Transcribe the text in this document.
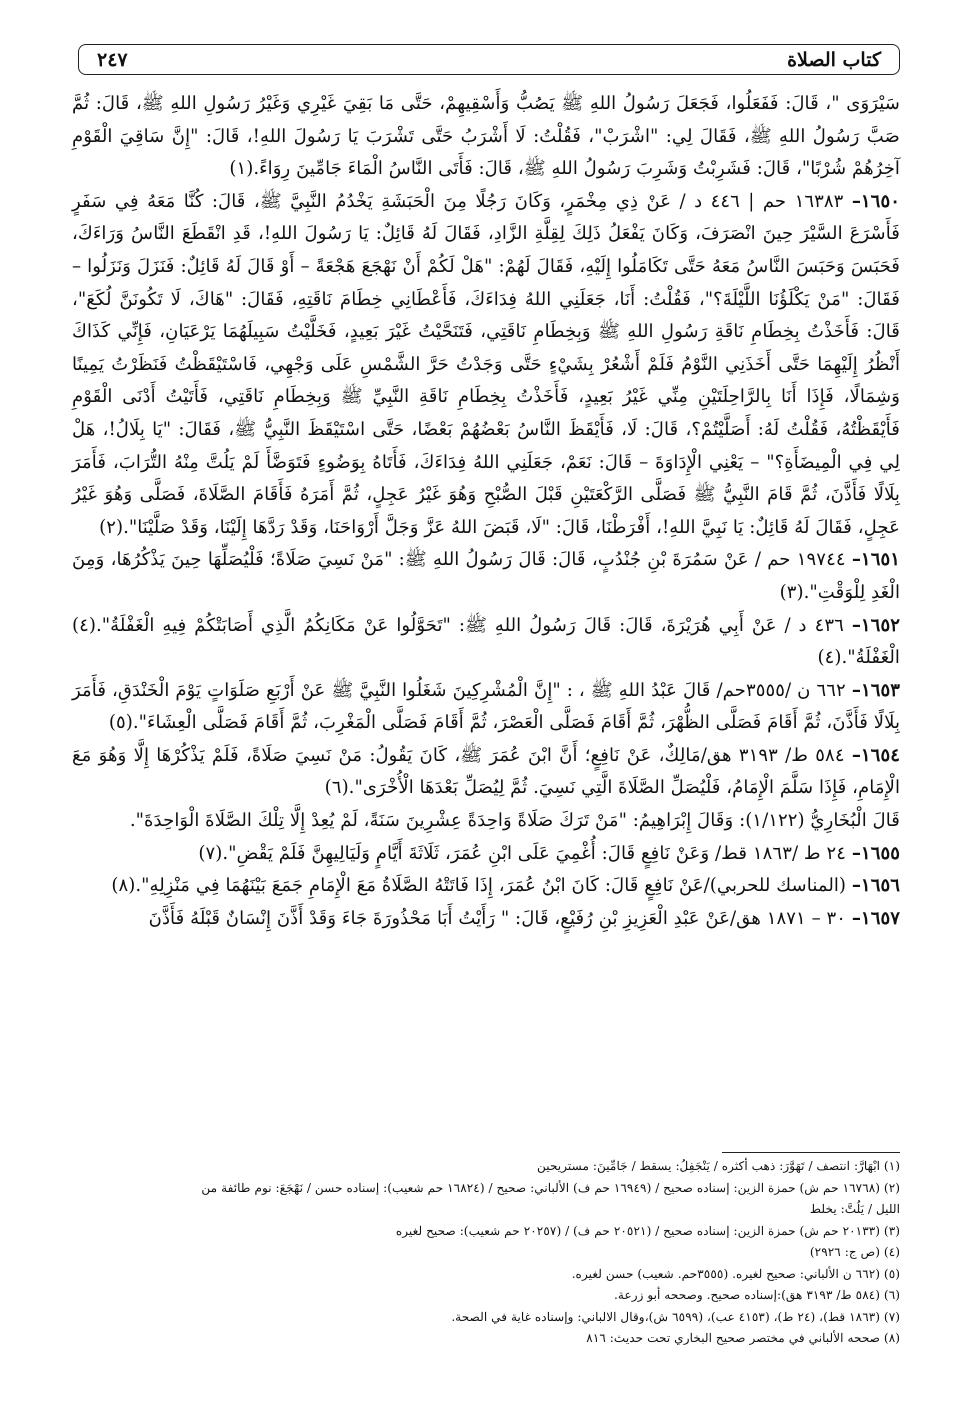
كتاب الصلاة
٢٤٧

سَيْرَوَى "، قَالَ: فَفَعَلُوا، فَجَعَلَ رَسُولُ اللهِ ﷺ يَصُبُّ وَأَسْقِيهِمْ، حَتَّى مَا بَقِيَ غَيْرِي وَغَيْرُ رَسُولِ اللهِ ﷺ، قَالَ: ثُمَّ صَبَّ رَسُولُ اللهِ ﷺ، فَقَالَ لِي: "اشْرَبْ"، فَقُلْتُ: لَا أَشْرَبُ حَتَّى تَشْرَبَ يَا رَسُولَ اللهِ!، قَالَ: "إِنَّ سَاقِيَ الْقَوْمِ آخِرُهُمْ شُرْبًا"، قَالَ: فَشَرِبْتُ وَشَرِبَ رَسُولُ اللهِ ﷺ، قَالَ: فَأَتَى النَّاسُ الْمَاءَ جَامِّينَ رِوَاءً.(١)

١٦٥٠– ١٦٣٨٣ حم | ٤٤٦ د / عَنْ ذِي مِخْمَرٍ، وَكَانَ رَجُلًا مِنَ الْحَبَشَةِ يَخْدُمُ النَّبِيَّ ﷺ، قَالَ: كُنَّا مَعَهُ فِي سَفَرٍ فَأَسْرَعَ السَّيْرَ حِينَ انْصَرَفَ، وَكَانَ يَفْعَلُ ذَلِكَ لِقِلَّةِ الزَّادِ، فَقَالَ لَهُ قَائِلٌ: يَا رَسُولَ اللهِ!، قَدِ انْقَطَعَ النَّاسُ وَرَاءَكَ، فَحَبَسَ وَحَبَسَ النَّاسُ مَعَهُ حَتَّى تَكَامَلُوا إِلَيْهِ، فَقَالَ لَهُمْ: "هَلْ لَكُمْ أَنْ نَهْجَعَ هَجْعَةً – أَوْ قَالَ لَهُ قَائِلٌ: فَنَزَلَ وَنَزَلُوا – فَقَالَ: "مَنْ يَكْلَؤُنَا اللَّيْلَةَ؟"، فَقُلْتُ: أَنَا، جَعَلَنِي اللهُ فِدَاءَكَ، فَأَعْطَانِي خِطَامَ نَاقَتِهِ، فَقَالَ: "هَاكَ، لَا تَكُونَنَّ لُكَعَ"، قَالَ: فَأَخَذْتُ بِخِطَامِ نَاقَةِ رَسُولِ اللهِ ﷺ وَبِخِطَامِ نَاقَتِي، فَتَنَحَّيْتُ غَيْرَ بَعِيدٍ، فَخَلَّيْتُ سَبِيلَهُمَا يَرْعَيَانِ، فَإِنِّي كَذَاكَ أَنْظُرُ إِلَيْهِمَا حَتَّى أَخَذَنِي النَّوْمُ فَلَمْ أَشْعُرْ بِشَيْءٍ حَتَّى وَجَدْتُ حَرَّ الشَّمْسِ عَلَى وَجْهِي، فَاسْتَيْقَظْتُ فَنَظَرْتُ يَمِينًا وَشِمَالًا، فَإِذَا أَنَا بِالرَّاحِلَتَيْنِ مِنِّي غَيْرُ بَعِيدٍ، فَأَخَذْتُ بِخِطَامِ نَاقَةِ النَّبِيِّ ﷺ وَبِخِطَامِ نَاقَتِي، فَأَتَيْتُ أَدْنَى الْقَوْمِ فَأَيْقَظْتُهُ، فَقُلْتُ لَهُ: أَصَلَّيْتُمْ؟، قَالَ: لَا، فَأَيْقَظَ النَّاسُ بَعْضُهُمْ بَعْضًا، حَتَّى اسْتَيْقَظَ النَّبِيُّ ﷺ، فَقَالَ: "يَا بِلَالُ!، هَلْ لِي فِي الْمِيضَأَةِ؟" – يَعْنِي الْإِدَاوَةَ – قَالَ: نَعَمْ، جَعَلَنِي اللهُ فِدَاءَكَ، فَأَتَاهُ بِوَضُوءٍ فَتَوَضَّأَ لَمْ يَلُتَّ مِنْهُ التُّرَابَ، فَأَمَرَ بِلَالًا فَأَذَّنَ، ثُمَّ قَامَ النَّبِيُّ ﷺ فَصَلَّى الرَّكْعَتَيْنِ قَبْلَ الصُّبْحِ وَهُوَ غَيْرُ عَجِلٍ، ثُمَّ أَمَرَهُ فَأَقَامَ الصَّلَاةَ، فَصَلَّى وَهُوَ غَيْرُ عَجِلٍ، فَقَالَ لَهُ قَائِلٌ: يَا نَبِيَّ اللهِ!، أَفْرَطْنَا، قَالَ: "لَا، قَبَضَ اللهُ عَزَّ وَجَلَّ أَرْوَاحَنَا، وَقَدْ رَدَّهَا إِلَيْنَا، وَقَدْ صَلَّيْنَا".(٢)

١٦٥١– ١٩٧٤٤ حم / عَنْ سَمُرَةَ بْنِ جُنْدُبٍ، قَالَ: قَالَ رَسُولُ اللهِ ﷺ: "مَنْ نَسِيَ صَلَاةً؛ فَلْيُصَلِّهَا حِينَ يَذْكُرُهَا، وَمِنَ الْغَدِ لِلْوَقْتِ".(٣)

١٦٥٢– ٤٣٦ د / عَنْ أَبِي هُرَيْرَةَ، قَالَ: قَالَ رَسُولُ اللهِ ﷺ: "تَحَوَّلُوا عَنْ مَكَانِكُمُ الَّذِي أَصَابَتْكُمْ فِيهِ الْغَفْلَةُ".(٤) الْغَفْلَةُ".(٤)

١٦٥٣– ٦٦٢ ن /٣٥٥٥حم/ قَالَ عَبْدُ اللهِ ﷺ ، : "إِنَّ الْمُشْرِكِينَ شَغَلُوا النَّبِيَّ ﷺ عَنْ أَرْبَعِ صَلَوَاتٍ يَوْمَ الْخَنْدَقِ، فَأَمَرَ بِلَالًا فَأَذَّنَ، ثُمَّ أَقَامَ فَصَلَّى الظُّهْرَ، ثُمَّ أَقَامَ فَصَلَّى الْعَصْرَ، ثُمَّ أَقَامَ فَصَلَّى الْمَغْرِبَ، ثُمَّ أَقَامَ فَصَلَّى الْعِشَاءَ".(٥)

١٦٥٤– ٥٨٤ ط/ ٣١٩٣ هق/مَالِكٌ، عَنْ نَافِعٍ؛ أَنَّ ابْنَ عُمَرَ ﷺ، كَانَ يَقُولُ: مَنْ نَسِيَ صَلَاةً، فَلَمْ يَذْكُرْهَا إِلَّا وَهُوَ مَعَ الْإِمَامِ، فَإِذَا سَلَّمَ الْإِمَامُ، فَلْيُصَلِّ الصَّلَاةَ الَّتِي نَسِيَ. ثُمَّ لِيُصَلِّ بَعْدَهَا الْأُخْرَى".(٦)

قَالَ الْبُخَارِيُّ (١/١٢٢): وَقَالَ إِبْرَاهِيمُ: "مَنْ تَرَكَ صَلَاةً وَاحِدَةً عِشْرِينَ سَنَةً، لَمْ يُعِدْ إِلَّا تِلْكَ الصَّلَاةَ الْوَاحِدَةَ".

١٦٥٥– ٢٤ ط /١٨٦٣ قط/ وَعَنْ نَافِعٍ قَالَ: أُغْمِيَ عَلَى ابْنِ عُمَرَ، ثَلَاثَةَ أَيَّامٍ وَلَيَالِيهِنَّ فَلَمْ يَقْضِ".(٧)

١٦٥٦– (المناسك للحربي)/عَنْ نَافِعٍ قَالَ: كَانَ ابْنُ عُمَرَ، إِذَا فَاتَتْهُ الصَّلَاةُ مَعَ الْإِمَامِ جَمَعَ بَيْنَهُمَا فِي مَنْزِلِهِ".(٨)

١٦٥٧– ٣٠ – ١٨٧١ هق/عَنْ عَبْدِ الْعَزِيزِ بْنِ رُفَيْعٍ، قَالَ: " رَأَيْتُ أَبَا مَحْذُورَةَ جَاءَ وَقَدْ أَذَّنَ إِنْسَانٌ قَبْلَهُ فَأَذَّنَ

(١) ابْهَارَّ: انتصف / تَهَوَّرَ: ذهب أكثره / يَنْجَفِلُ: يسقط / جَامِّينَ: مستريحين
(٢) (١٦٧٦٨ حم ش) حمزة الزين: إسناده صحيح / (١٦٩٤٩ حم ف) الألباني: صحيح / (١٦٨٢٤ حم شعيب): إسناده حسن / نَهْجَعَ: نوم طائفة من
الليل / يَلُتَّ: يخلط
(٣) (٢٠١٣٣ حم ش) حمزة الزين: إسناده صحيح / (٢٠٥٢١ حم ف) / (٢٠٢٥٧ حم شعيب): صحيح لغيره
(٤) (ص ج: ٢٩٢٦)
(٥) (٦٦٢ ن الألباني: صحيح لغيره. (٣٥٥٥حم. شعيب) حسن لغيره.
(٦) (٥٨٤ ط/ ٣١٩٣ هق):إسناده صحيح. وصححه أبو زرعة.
(٧) (١٨٦٣ قط)، (٢٤ ط)، (٤١٥٣ عب)، (٦٥٩٩ ش)،وقال الالباني: وإسناده غاية في الصحة.
(٨) صححه الألباني في مختصر صحيح البخاري تحت حديث: ٨١٦
